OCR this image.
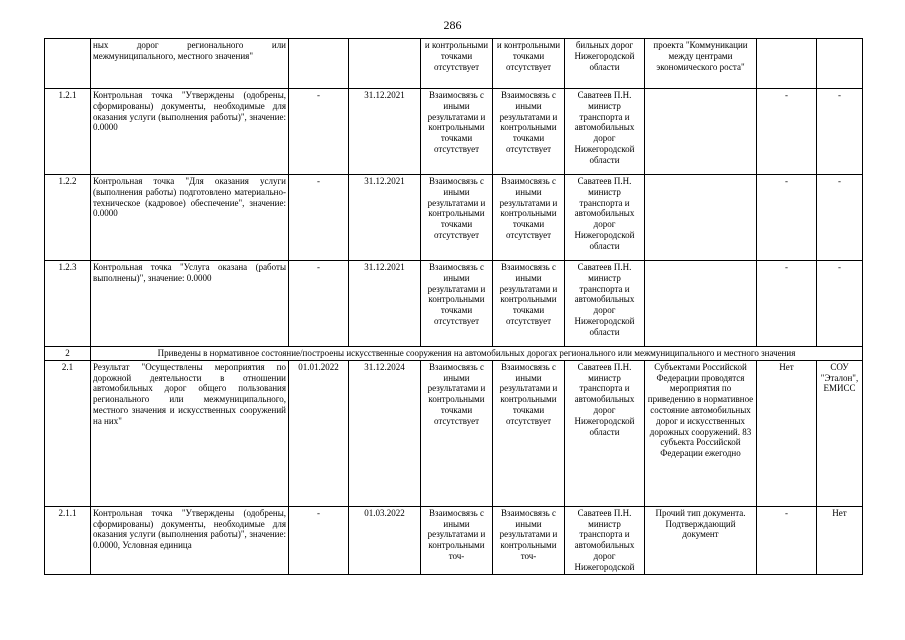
286
	ных дорог регионального или межмуниципального, местного значения"			и контрольными точками отсутствует	и контрольными точками отсутствует	бильных дорог Нижегородской области	проекта "Коммуникации между центрами экономического роста"		
1.2.1	Контрольная точка "Утверждены (одобрены, сформированы) документы, необходимые для оказания услуги (выполнения работы)", значение: 0.0000	-	31.12.2021	Взаимосвязь с иными результатами и контрольными точками отсутствует	Взаимосвязь с иными результатами и контрольными точками отсутствует	Саватеев П.Н. министр транспорта и автомобильных дорог Нижегородской области		-	-
1.2.2	Контрольная точка "Для оказания услуги (выполнения работы) подготовлено материально-техническое (кадровое) обеспечение", значение: 0.0000	-	31.12.2021	Взаимосвязь с иными результатами и контрольными точками отсутствует	Взаимосвязь с иными результатами и контрольными точками отсутствует	Саватеев П.Н. министр транспорта и автомобильных дорог Нижегородской области		-	-
1.2.3	Контрольная точка "Услуга оказана (работы выполнены)", значение: 0.0000	-	31.12.2021	Взаимосвязь с иными результатами и контрольными точками отсутствует	Взаимосвязь с иными результатами и контрольными точками отсутствует	Саватеев П.Н. министр транспорта и автомобильных дорог Нижегородской области		-	-
2	Приведены в нормативное состояние/построены искусственные сооружения на автомобильных дорогах регионального или межмуниципального и местного значения								
2.1	Результат "Осуществлены мероприятия по дорожной деятельности в отношении автомобильных дорог общего пользования регионального или межмуниципального, местного значения и искусственных сооружений на них"	01.01.2022	31.12.2024	Взаимосвязь с иными результатами и контрольными точками отсутствует	Взаимосвязь с иными результатами и контрольными точками отсутствует	Саватеев П.Н. министр транспорта и автомобильных дорог Нижегородской области	Субъектами Российской Федерации проводятся мероприятия по приведению в нормативное состояние автомобильных дорог и искусственных дорожных сооружений. 83 субъекта Российской Федерации ежегодно	Нет	СОУ "Эталон", ЕМИСС
2.1.1	Контрольная точка "Утверждены (одобрены, сформированы) документы, необходимые для оказания услуги (выполнения работы)", значение: 0.0000, Условная единица	-	01.03.2022	Взаимосвязь с иными результатами и контрольными точ-	Взаимосвязь с иными результатами и контрольными точ-	Саватеев П.Н. министр транспорта и автомобильных дорог Нижегородской	Прочий тип документа. Подтверждающий документ	-	Нет
